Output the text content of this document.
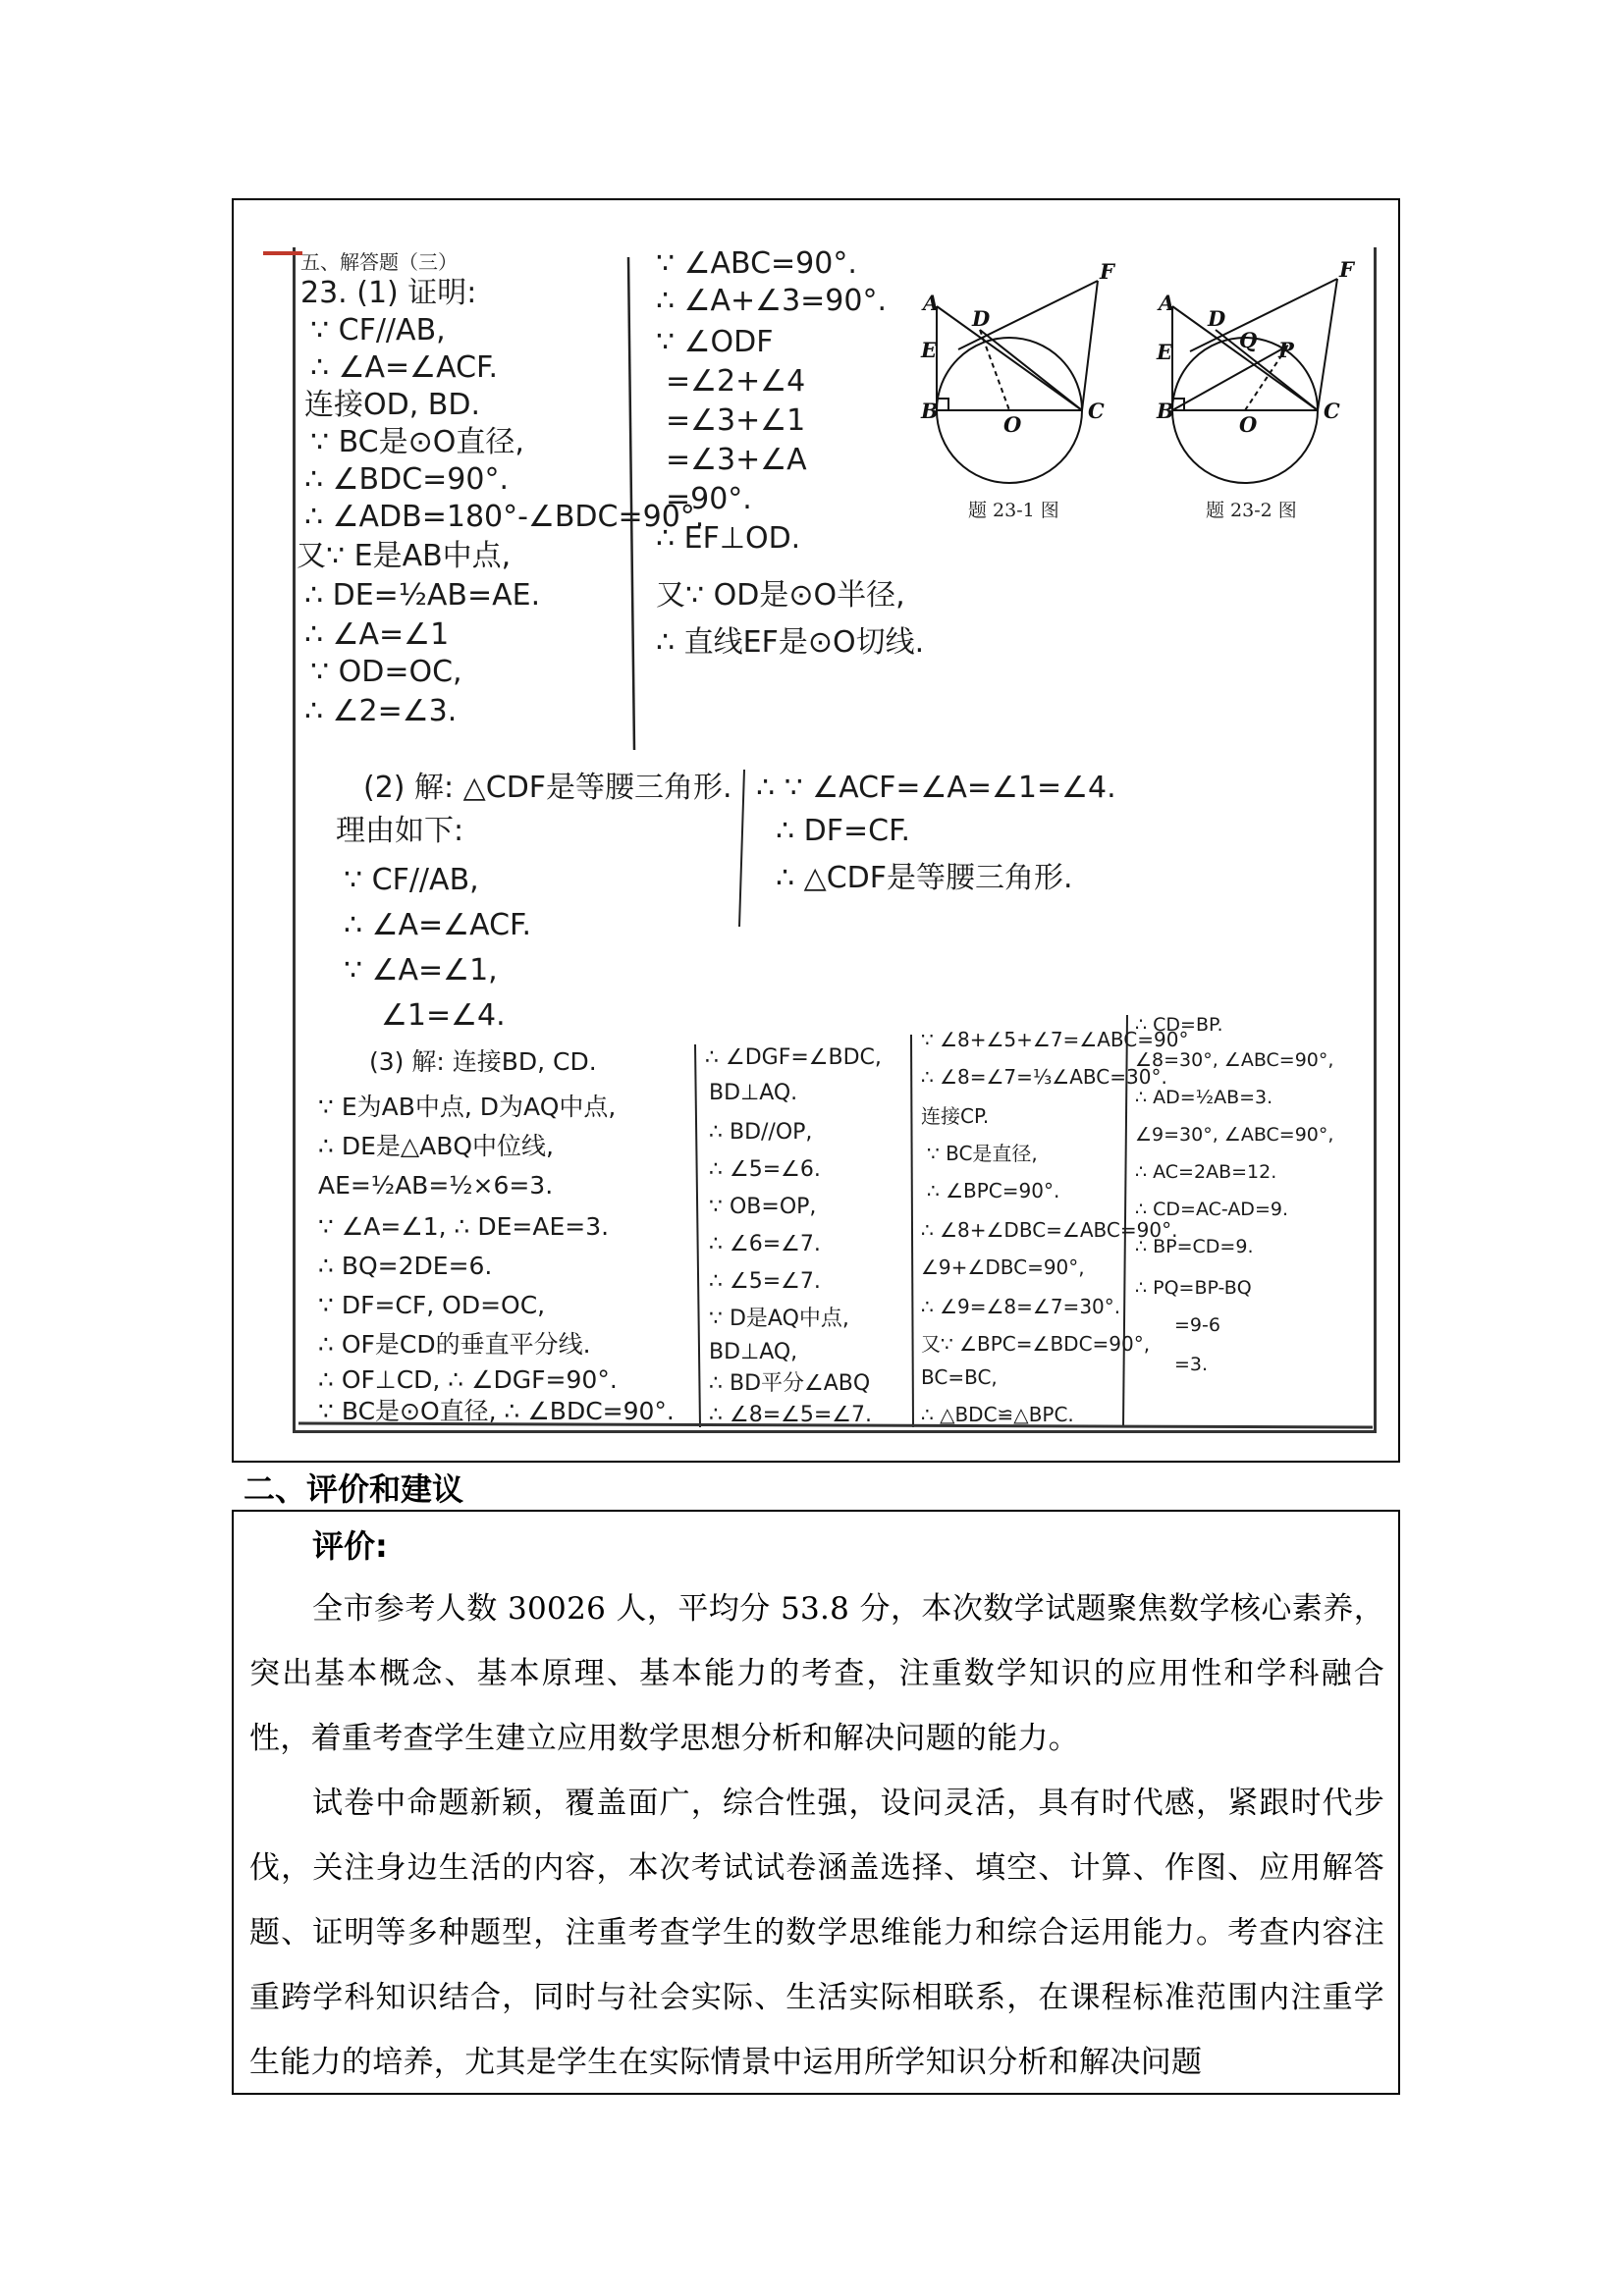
五、解答题（三）
23. (1) 证明:
∵ CF//AB,
∴ ∠A=∠ACF.
连接OD, BD.
∵ BC是⊙O直径,
∴ ∠BDC=90°.
∴ ∠ADB=180°-∠BDC=90°.
又∵ E是AB中点,
∴ DE=½AB=AE.
∴ ∠A=∠1
∵ OD=OC,
∴ ∠2=∠3.
∵ ∠ABC=90°.
∴ ∠A+∠3=90°.
∵ ∠ODF
=∠2+∠4
=∠3+∠1
=∠3+∠A
=90°.
∴ EF⊥OD.
又∵ OD是⊙O半径,
∴ 直线EF是⊙O切线.
A
D
E
B
O
C
F
题 23-1 图
A
D
Q P
E
B
O
C
F
题 23-2 图
(2) 解: △CDF是等腰三角形.
理由如下:
∵ CF//AB,
∴ ∠A=∠ACF.
∵ ∠A=∠1,
∠1=∠4.
∴ ∵ ∠ACF=∠A=∠1=∠4.
∴ DF=CF.
∴ △CDF是等腰三角形.
(3) 解: 连接BD, CD.
∵ E为AB中点, D为AQ中点,
∴ DE是△ABQ中位线,
AE=½AB=½×6=3.
∵ ∠A=∠1, ∴ DE=AE=3.
∴ BQ=2DE=6.
∵ DF=CF, OD=OC,
∴ OF是CD的垂直平分线.
∴ OF⊥CD, ∴ ∠DGF=90°.
∵ BC是⊙O直径, ∴ ∠BDC=90°.
∴ ∠DGF=∠BDC,
BD⊥AQ.
∴ BD//OP,
∴ ∠5=∠6.
∵ OB=OP,
∴ ∠6=∠7.
∴ ∠5=∠7.
∵ D是AQ中点,
BD⊥AQ,
∴ BD平分∠ABQ
∴ ∠8=∠5=∠7.
∵ ∠8+∠5+∠7=∠ABC=90°
∴ ∠8=∠7=⅓∠ABC=30°.
连接CP.
∵ BC是直径,
∴ ∠BPC=90°.
∴ ∠8+∠DBC=∠ABC=90°.
∠9+∠DBC=90°,
∴ ∠9=∠8=∠7=30°.
又∵ ∠BPC=∠BDC=90°,
BC=BC,
∴ △BDC≌△BPC.
∴ CD=BP.
∠8=30°, ∠ABC=90°,
∴ AD=½AB=3.
∠9=30°, ∠ABC=90°,
∴ AC=2AB=12.
∴ CD=AC-AD=9.
∴ BP=CD=9.
∴ PQ=BP-BQ
=9-6
=3.
二、评价和建议
评价:
全市参考人数 30026 人，平均分 53.8 分，本次数学试题聚焦数学核心素养，突出基本概念、基本原理、基本能力的考查，注重数学知识的应用性和学科融合性，着重考查学生建立应用数学思想分析和解决问题的能力。
试卷中命题新颖，覆盖面广，综合性强，设问灵活，具有时代感，紧跟时代步伐，关注身边生活的内容，本次考试试卷涵盖选择、填空、计算、作图、应用解答题、证明等多种题型，注重考查学生的数学思维能力和综合运用能力。考查内容注重跨学科知识结合，同时与社会实际、生活实际相联系，在课程标准范围内注重学生能力的培养，尤其是学生在实际情景中运用所学知识分析和解决问题
